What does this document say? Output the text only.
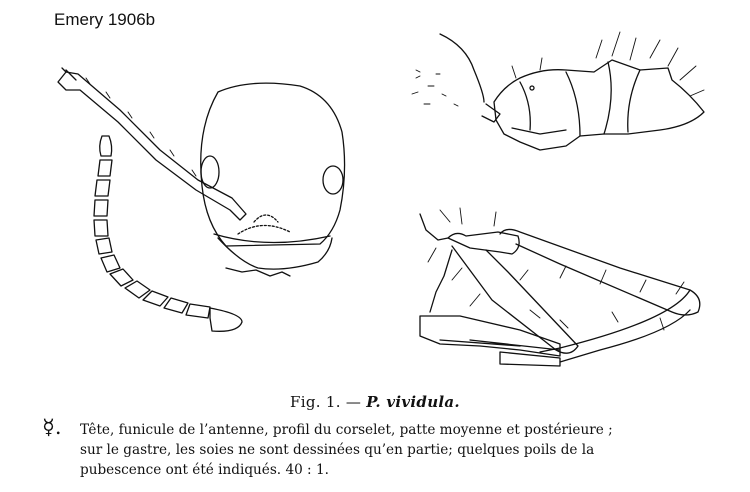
Emery 1906b
Fig. 1. — P. vividula.
☿.	Tête, funicule de l’antenne, profil du corselet, patte moyenne et postérieure ;
sur le gastre, les soies ne sont dessinées qu’en partie; quelques poils de la
pubescence ont été indiqués. 40 : 1.
